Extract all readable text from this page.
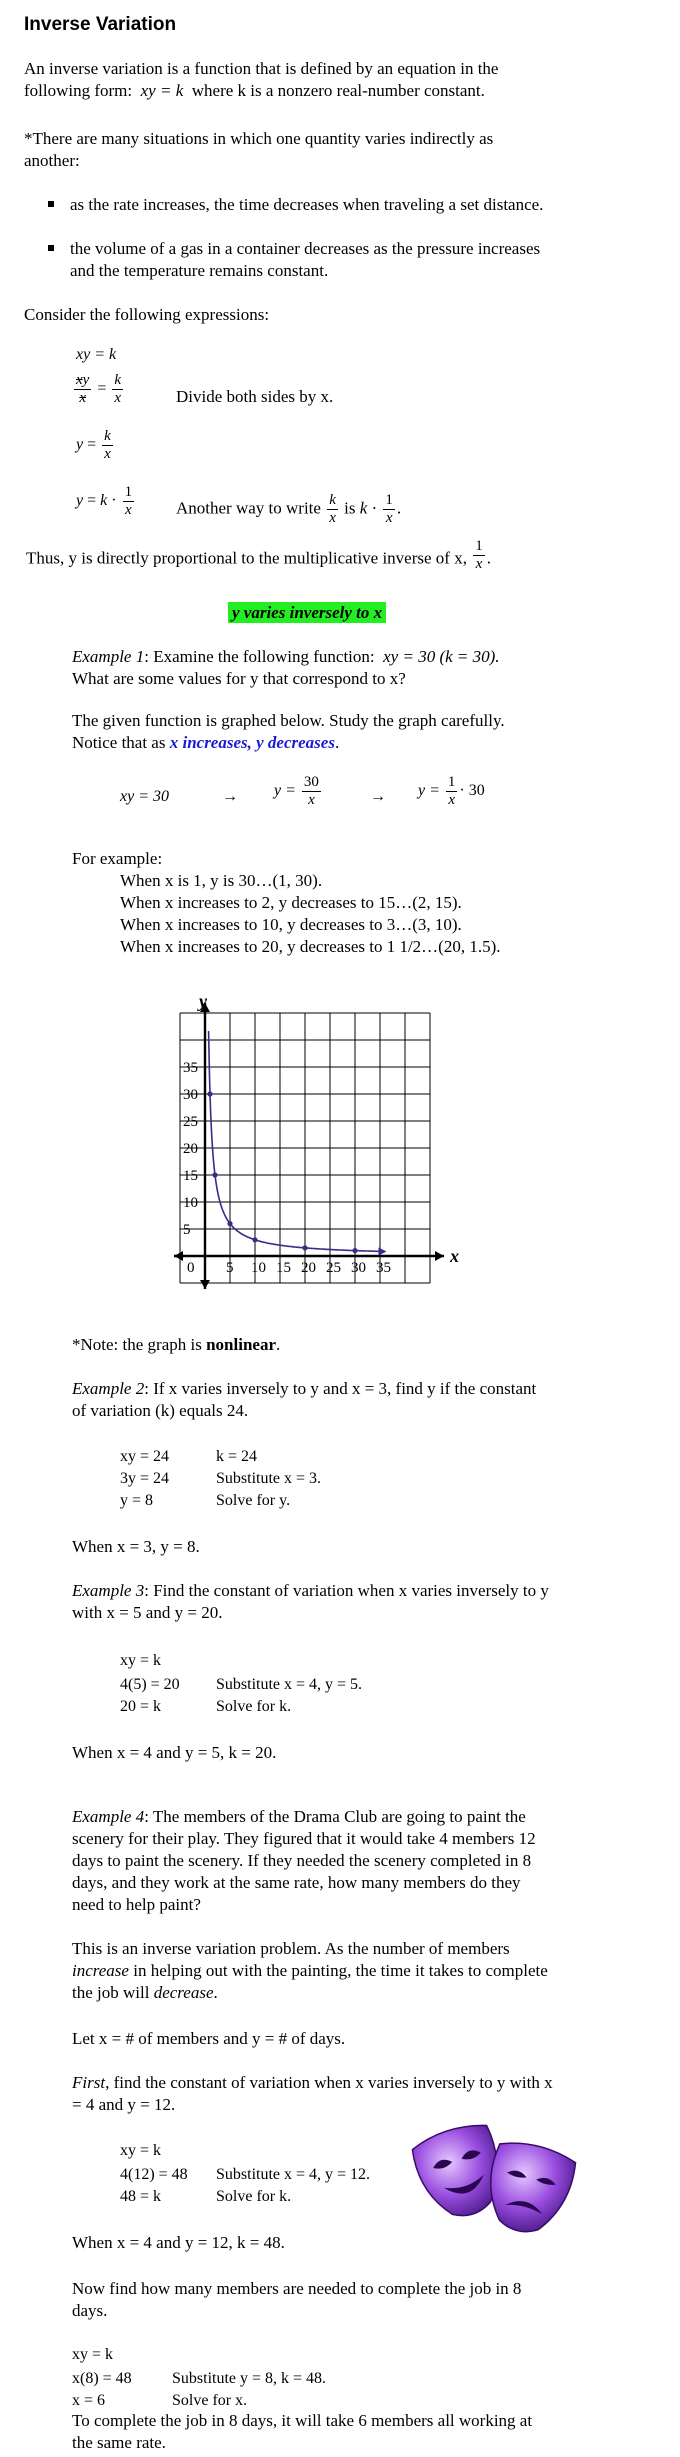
Inverse Variation
An inverse variation is a function that is defined by an equation in the
following form: xy = k where k is a nonzero real-number constant.
*There are many situations in which one quantity varies indirectly as
another:
as the rate increases, the time decreases when traveling a set distance.
the volume of a gas in a container decreases as the pressure increases
and the temperature remains constant.
Consider the following expressions:
xy = k
$\frac{xy}{x} = \frac{k}{x}$	Divide both sides by x.
$y = \frac{k}{x}$
$y = k \cdot \frac{1}{x}$ Another way to write $\frac{k}{x}$ is $k \cdot \frac{1}{x}$ .
Thus, y is directly proportional to the multiplicative inverse of x, $\frac{1}{x}$ .
y varies inversely to x
Example 1: Examine the following function: xy = 30 (k = 30).
What are some values for y that correspond to x?
The given function is graphed below. Study the graph carefully.
Notice that as x increases, y decreases.
xy = 30	→ $y = \frac{30}{x}$	→ $y = \frac{1}{x} \cdot 30$
For example:
When x is 1, y is 30…(1, 30).
When x increases to 2, y decreases to 15…(2, 15).
When x increases to 10, y decreases to 3…(3, 10).
When x increases to 20, y decreases to 1 1/2…(20, 1.5).
5 10 15 20 25 30 35
5
10
15
20
25
30
35
x
y
0
*Note: the graph is nonlinear.
Example 2: If x varies inversely to y and x = 3, find y if the constant
of variation (k) equals 24.
xy = 24	k = 24
3y = 24	Substitute x = 3.
y = 8	Solve for y.
When x = 3, y = 8.
Example 3: Find the constant of variation when x varies inversely to y
with x = 5 and y = 20.
xy = k
4(5) = 20 Substitute x = 4, y = 5.
20 = k	Solve for k.
When x = 4 and y = 5, k = 20.
Example 4: The members of the Drama Club are going to paint the
scenery for their play. They figured that it would take 4 members 12
days to paint the scenery. If they needed the scenery completed in 8
days, and they work at the same rate, how many members do they
need to help paint?
This is an inverse variation problem. As the number of members
increase in helping out with the painting, the time it takes to complete
the job will decrease.
Let x = # of members and y = # of days.
First, find the constant of variation when x varies inversely to y with x
= 4 and y = 12.
xy = k
4(12) = 48 Substitute x = 4, y = 12.
48 = k	Solve for k.
When x = 4 and y = 12, k = 48.
Now find how many members are needed to complete the job in 8
days.
xy = k
x(8) = 48	Substitute y = 8, k = 48.
x = 6	Solve for x.
To complete the job in 8 days, it will take 6 members all working at
the same rate.
